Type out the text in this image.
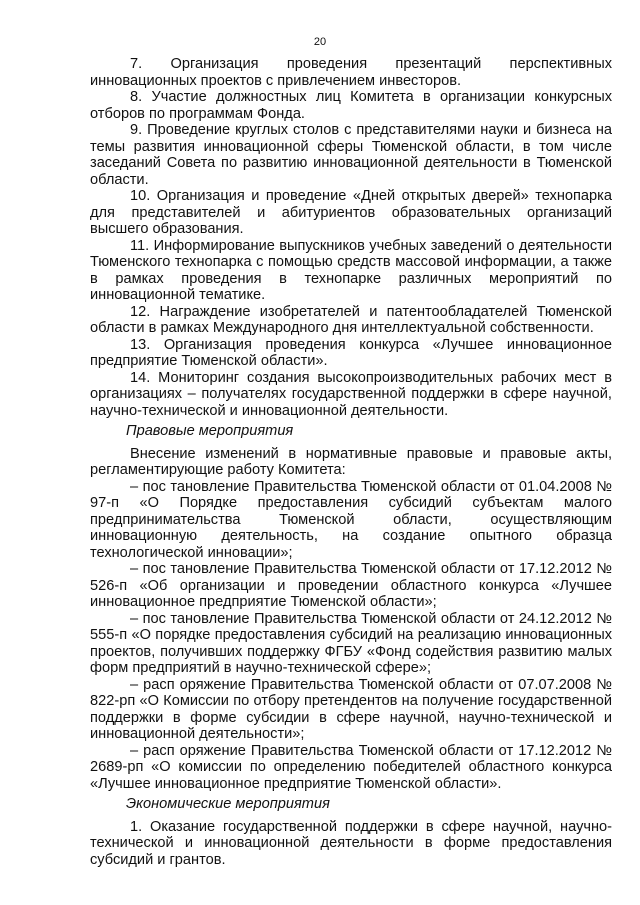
20

7. Организация проведения презентаций перспективных инновационных проектов с привлечением инвесторов.

8. Участие должностных лиц Комитета в организации конкурсных отборов по программам Фонда.

9. Проведение круглых столов с представителями науки и бизнеса на темы развития инновационной сферы Тюменской области, в том числе заседаний Совета по развитию инновационной деятельности в Тюменской области.

10. Организация и проведение «Дней открытых дверей» технопарка для представителей и абитуриентов образовательных организаций высшего образования.

11. Информирование выпускников учебных заведений о деятельности Тюменского технопарка с помощью средств массовой информации, а также в рамках проведения в технопарке различных мероприятий по инновационной тематике.

12. Награждение изобретателей и патентообладателей Тюменской области в рамках Международного дня интеллектуальной собственности.

13. Организация проведения конкурса «Лучшее инновационное предприятие Тюменской области».

14. Мониторинг создания высокопроизводительных рабочих мест в организациях – получателях государственной поддержки в сфере научной, научно-технической и инновационной деятельности.

Правовые мероприятия

Внесение изменений в нормативные правовые и правовые акты, регламентирующие работу Комитета:

– пос тановление Правительства Тюменской области от 01.04.2008 № 97-п «О Порядке предоставления субсидий субъектам малого предпринимательства Тюменской области, осуществляющим инновационную деятельность, на создание опытного образца технологической инновации»;

– пос тановление Правительства Тюменской области от 17.12.2012 № 526-п «Об организации и проведении областного конкурса «Лучшее инновационное предприятие Тюменской области»;

– пос тановление Правительства Тюменской области от 24.12.2012 № 555-п «О порядке предоставления субсидий на реализацию инновационных проектов, получивших поддержку ФГБУ «Фонд содействия развитию малых форм предприятий в научно-технической сфере»;

– расп оряжение Правительства Тюменской области от 07.07.2008 № 822-рп «О Комиссии по отбору претендентов на получение государственной поддержки в форме субсидии в сфере научной, научно-технической и инновационной деятельности»;

– расп оряжение Правительства Тюменской области от 17.12.2012 № 2689-рп «О комиссии по определению победителей областного конкурса «Лучшее инновационное предприятие Тюменской области».

Экономические мероприятия

1. Оказание государственной поддержки в сфере научной, научно-технической и инновационной деятельности в форме предоставления субсидий и грантов.
